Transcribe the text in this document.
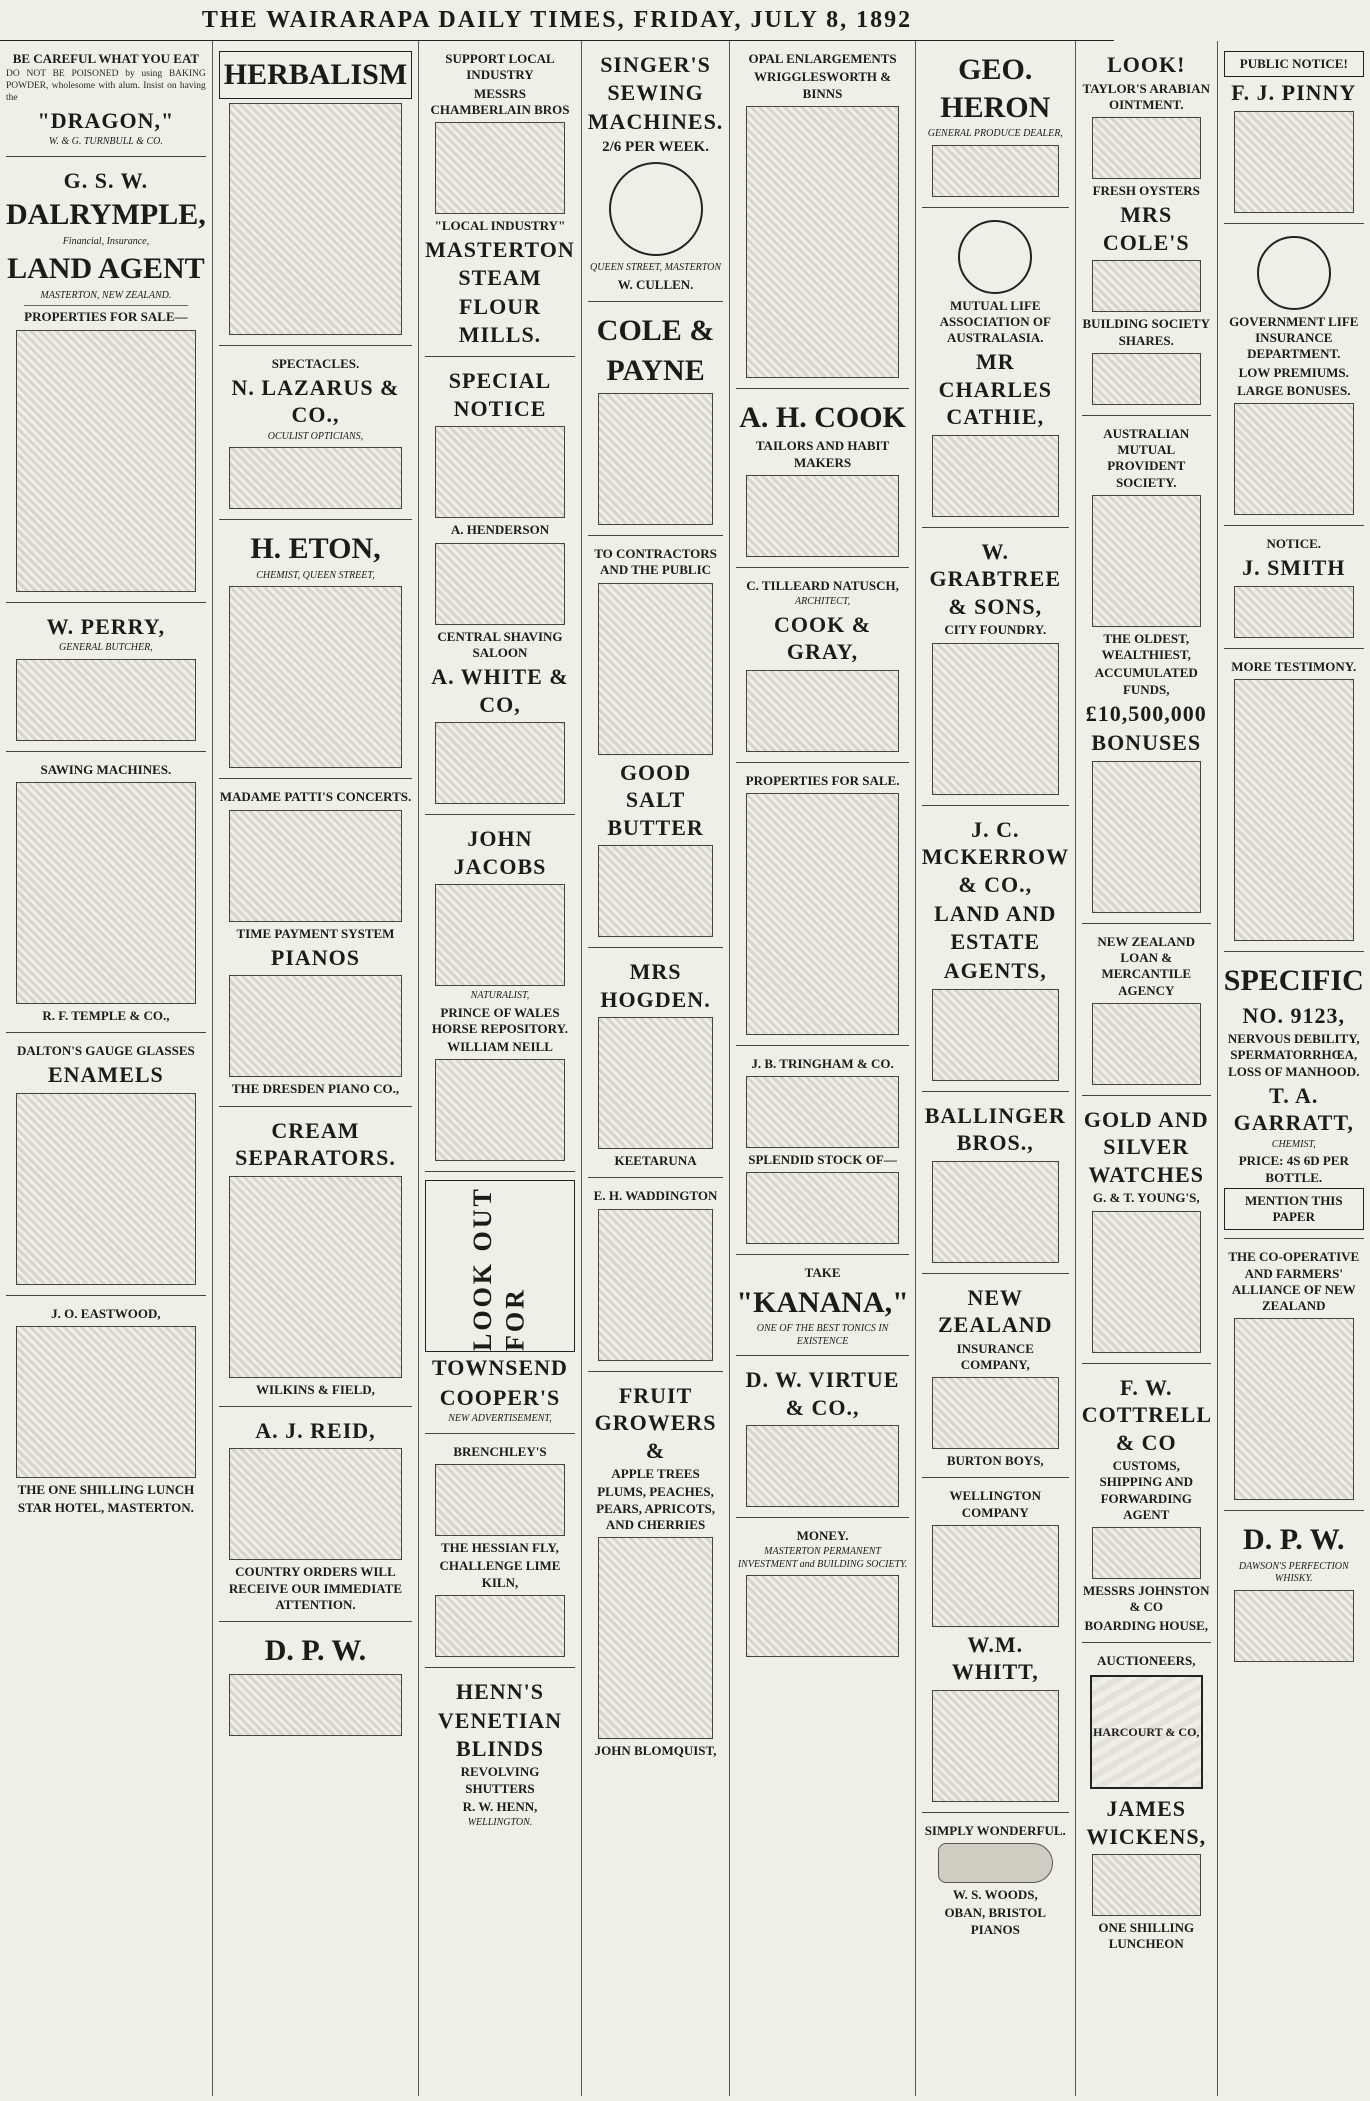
THE WAIRARAPA DAILY TIMES, FRIDAY, JULY 8, 1892
BE CAREFUL WHAT YOU EAT
DO NOT BE POISONED by using BAKING POWDER, wholesome with alum. Insist on having the
"DRAGON,"
W. & G. TURNBULL & CO.
G. S. W.
DALRYMPLE,
Financial, Insurance,
LAND AGENT
MASTERTON, NEW ZEALAND.
PROPERTIES FOR SALE—
W. PERRY,
GENERAL BUTCHER,
SAWING MACHINES.
R. F. TEMPLE & CO.,
DALTON'S GAUGE GLASSES
ENAMELS
J. O. EASTWOOD,
THE ONE SHILLING LUNCH
STAR HOTEL, MASTERTON.
HERBALISM
SPECTACLES.
N. LAZARUS & CO.,
OCULIST OPTICIANS,
H. ETON,
CHEMIST, QUEEN STREET,
MADAME PATTI'S CONCERTS.
TIME PAYMENT SYSTEM
PIANOS
THE DRESDEN PIANO CO.,
CREAM SEPARATORS.
WILKINS & FIELD,
A. J. REID,
COUNTRY ORDERS WILL RECEIVE OUR IMMEDIATE ATTENTION.
D. P. W.
SUPPORT LOCAL INDUSTRY
MESSRS CHAMBERLAIN BROS
"LOCAL INDUSTRY"
MASTERTON STEAM
FLOUR MILLS.
SPECIAL NOTICE
A. HENDERSON
CENTRAL SHAVING SALOON
A. WHITE & CO,
JOHN JACOBS
NATURALIST,
PRINCE OF WALES HORSE REPOSITORY.
WILLIAM NEILL
LOOK OUT FOR
TOWNSEND
COOPER'S
NEW ADVERTISEMENT,
BRENCHLEY'S
THE HESSIAN FLY,
CHALLENGE LIME KILN,
HENN'S
VENETIAN BLINDS
REVOLVING SHUTTERS
R. W. HENN,
WELLINGTON.
SINGER'S SEWING
MACHINES.
2/6 PER WEEK.
QUEEN STREET, MASTERTON
W. CULLEN.
COLE &
PAYNE
TO CONTRACTORS AND THE PUBLIC
GOOD SALT BUTTER
MRS HOGDEN.
KEETARUNA
E. H. WADDINGTON
FRUIT GROWERS &
APPLE TREES
PLUMS, PEACHES, PEARS, APRICOTS, AND CHERRIES
JOHN BLOMQUIST,
OPAL ENLARGEMENTS
WRIGGLESWORTH & BINNS
A. H. COOK
TAILORS AND HABIT MAKERS
C. TILLEARD NATUSCH,
ARCHITECT,
COOK & GRAY,
PROPERTIES FOR SALE.
J. B. TRINGHAM & CO.
SPLENDID STOCK OF—
TAKE
"KANANA,"
ONE OF THE BEST TONICS IN EXISTENCE
D. W. VIRTUE & CO.,
MONEY.
MASTERTON PERMANENT INVESTMENT and BUILDING SOCIETY.
GEO. HERON
GENERAL PRODUCE DEALER,
MUTUAL LIFE ASSOCIATION OF AUSTRALASIA.
MR CHARLES CATHIE,
W. GRABTREE & SONS,
CITY FOUNDRY.
J. C. MCKERROW & CO.,
LAND AND ESTATE
AGENTS,
BALLINGER BROS.,
NEW ZEALAND
INSURANCE COMPANY,
BURTON BOYS,
WELLINGTON COMPANY
W.M. WHITT,
SIMPLY WONDERFUL.
W. S. WOODS,
OBAN, BRISTOL PIANOS
LOOK!
TAYLOR'S ARABIAN OINTMENT.
FRESH OYSTERS
MRS COLE'S
BUILDING SOCIETY SHARES.
AUSTRALIAN MUTUAL PROVIDENT SOCIETY.
THE OLDEST, WEALTHIEST,
ACCUMULATED FUNDS,
£10,500,000
BONUSES
NEW ZEALAND LOAN & MERCANTILE AGENCY
GOLD AND SILVER WATCHES
G. & T. YOUNG'S,
F. W. COTTRELL & CO
CUSTOMS, SHIPPING AND FORWARDING AGENT
MESSRS JOHNSTON & CO
BOARDING HOUSE,
AUCTIONEERS,
HARCOURT & CO,
JAMES WICKENS,
ONE SHILLING LUNCHEON
PUBLIC NOTICE!
F. J. PINNY
GOVERNMENT LIFE INSURANCE DEPARTMENT.
LOW PREMIUMS.
LARGE BONUSES.
NOTICE.
J. SMITH
MORE TESTIMONY.
SPECIFIC
NO. 9123,
NERVOUS DEBILITY, SPERMATORRHŒA, LOSS OF MANHOOD.
T. A. GARRATT,
CHEMIST,
PRICE: 4S 6D PER BOTTLE.
MENTION THIS PAPER
THE CO-OPERATIVE AND FARMERS' ALLIANCE OF NEW ZEALAND
D. P. W.
DAWSON'S PERFECTION WHISKY.
